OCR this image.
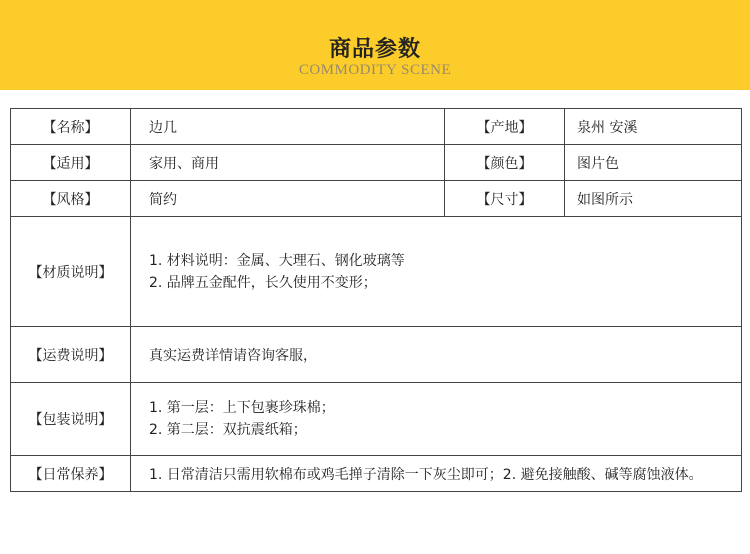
商品参数
COMMODITY SCENE
【名称】	边几	【产地】	泉州 安溪
【适用】	家用、商用	【颜色】	图片色
【风格】	简约	【尺寸】	如图所示
【材质说明】	1. 材料说明：金属、大理石、钢化玻璃等
2. 品牌五金配件，长久使用不变形；		

【运费说明】	真实运费详情请咨询客服，		
【包装说明】	1. 第一层：上下包裹珍珠棉；
2. 第二层：双抗震纸箱；		

【日常保养】	1. 日常清洁只需用软棉布或鸡毛掸子清除一下灰尘即可；2. 避免接触酸、碱等腐蚀液体。		
